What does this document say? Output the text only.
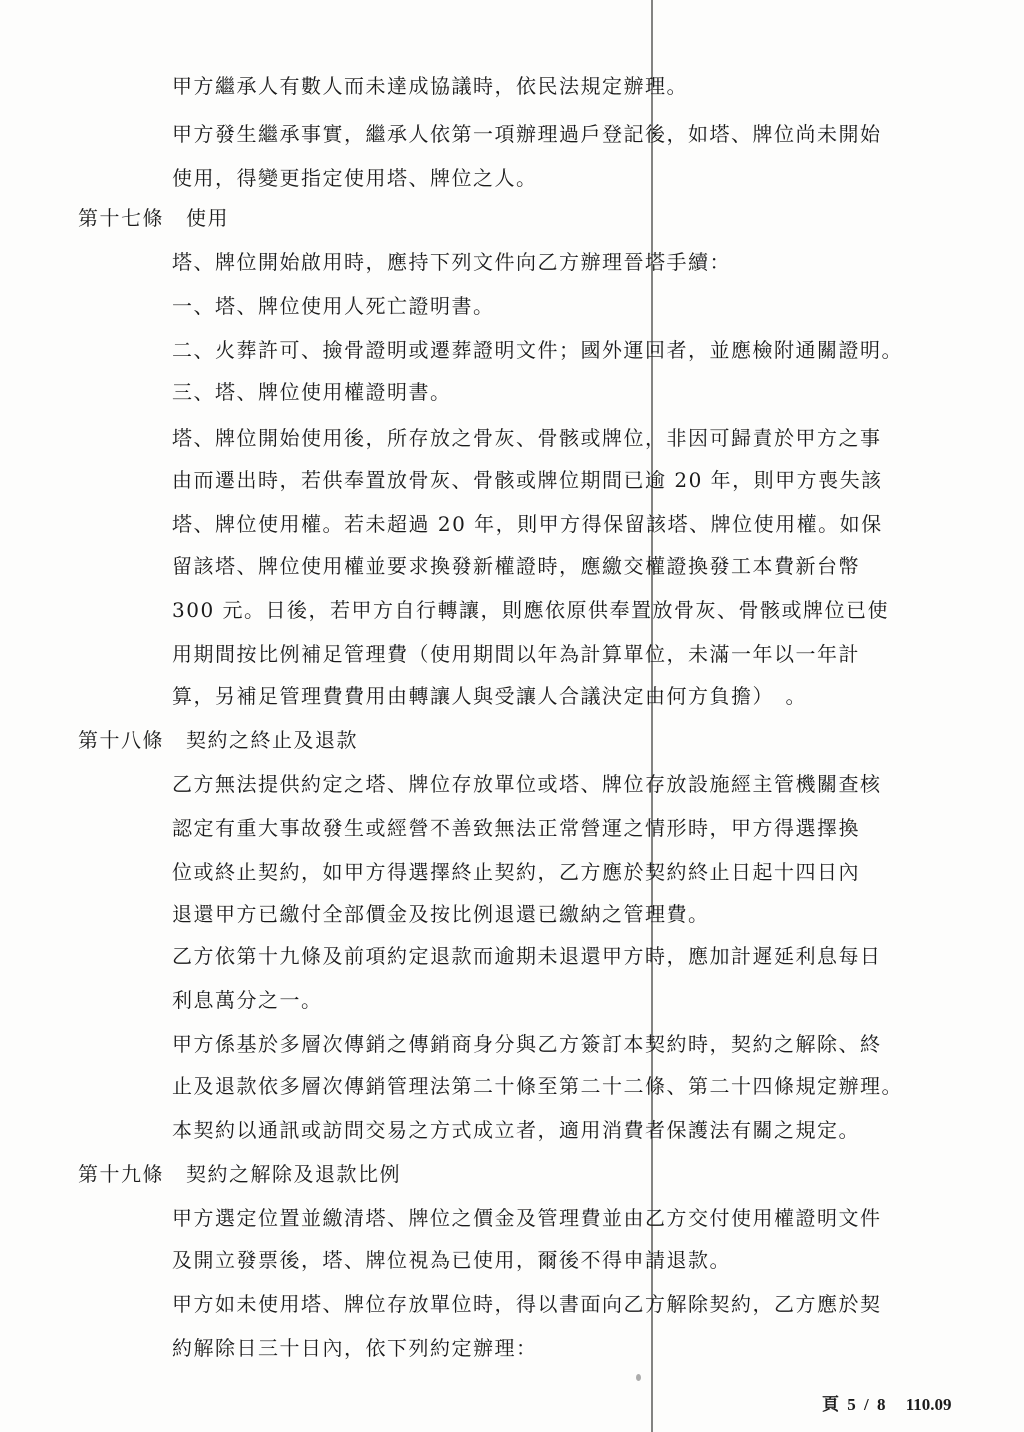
甲方繼承人有數人而未達成協議時，依民法規定辦理。
甲方發生繼承事實，繼承人依第一項辦理過戶登記後，如塔、牌位尚未開始
使用，得變更指定使用塔、牌位之人。
第十七條 使用
塔、牌位開始啟用時，應持下列文件向乙方辦理晉塔手續：
一、塔、牌位使用人死亡證明書。
二、火葬許可、撿骨證明或遷葬證明文件；國外運回者，並應檢附通關證明。
三、塔、牌位使用權證明書。
塔、牌位開始使用後，所存放之骨灰、骨骸或牌位，非因可歸責於甲方之事
由而遷出時，若供奉置放骨灰、骨骸或牌位期間已逾 20 年，則甲方喪失該
塔、牌位使用權。若未超過 20 年，則甲方得保留該塔、牌位使用權。如保
留該塔、牌位使用權並要求換發新權證時，應繳交權證換發工本費新台幣
300 元。日後，若甲方自行轉讓，則應依原供奉置放骨灰、骨骸或牌位已使
用期間按比例補足管理費（使用期間以年為計算單位，未滿一年以一年計
算，另補足管理費費用由轉讓人與受讓人合議決定由何方負擔）　。
第十八條 契約之終止及退款
乙方無法提供約定之塔、牌位存放單位或塔、牌位存放設施經主管機關查核
認定有重大事故發生或經營不善致無法正常營運之情形時，甲方得選擇換
位或終止契約，如甲方得選擇終止契約，乙方應於契約終止日起十四日內
退還甲方已繳付全部價金及按比例退還已繳納之管理費。
乙方依第十九條及前項約定退款而逾期未退還甲方時，應加計遲延利息每日
利息萬分之一。
甲方係基於多層次傳銷之傳銷商身分與乙方簽訂本契約時，契約之解除、終
止及退款依多層次傳銷管理法第二十條至第二十二條、第二十四條規定辦理。
本契約以通訊或訪問交易之方式成立者，適用消費者保護法有關之規定。
第十九條 契約之解除及退款比例
甲方選定位置並繳清塔、牌位之價金及管理費並由乙方交付使用權證明文件
及開立發票後，塔、牌位視為已使用，爾後不得申請退款。
甲方如未使用塔、牌位存放單位時，得以書面向乙方解除契約，乙方應於契
約解除日三十日內，依下列約定辦理：
頁 5 / 8 110.09
